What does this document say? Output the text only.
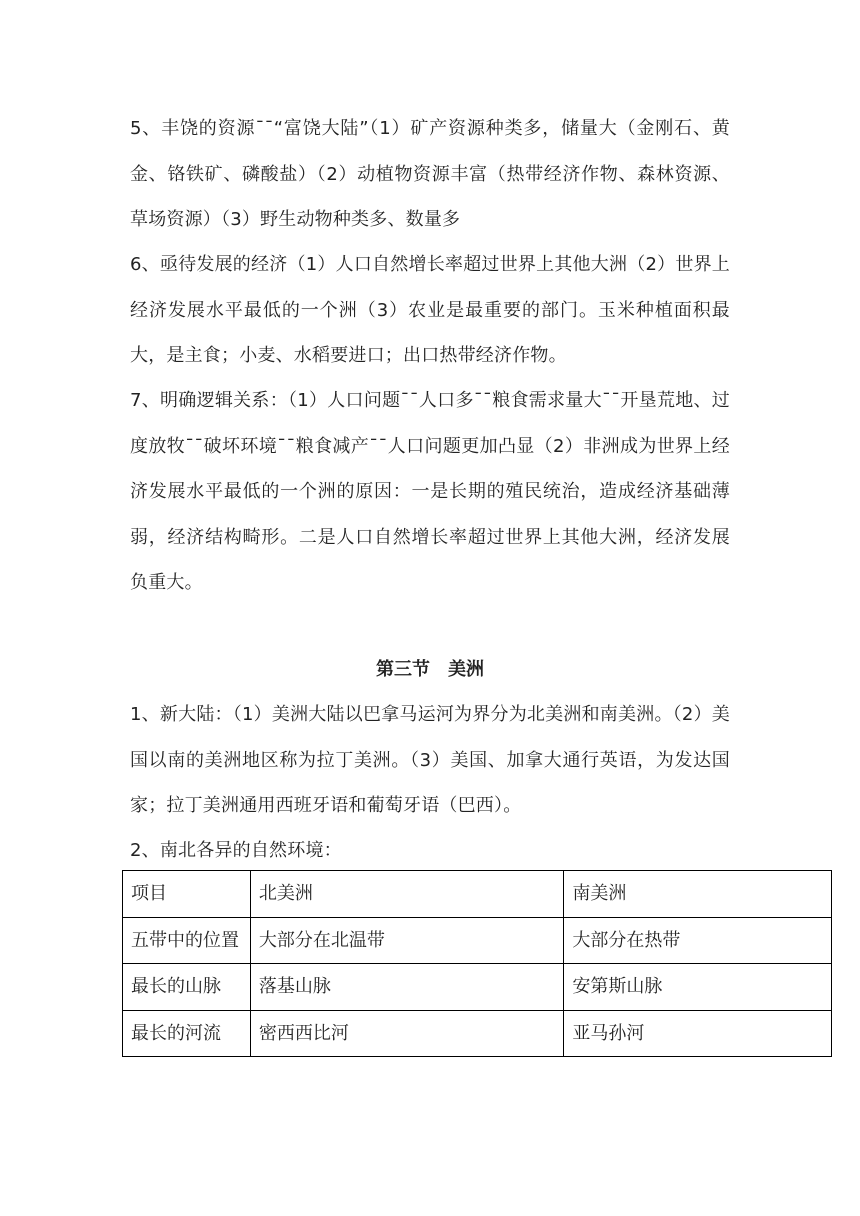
5、丰饶的资源¯¯“富饶大陆”（1）矿产资源种类多，储量大（金刚石、黄金、铬铁矿、磷酸盐）（2）动植物资源丰富（热带经济作物、森林资源、草场资源）（3）野生动物种类多、数量多

6、亟待发展的经济（1）人口自然增长率超过世界上其他大洲（2）世界上经济发展水平最低的一个洲（3）农业是最重要的部门。玉米种植面积最大，是主食；小麦、水稻要进口；出口热带经济作物。

7、明确逻辑关系：（1）人口问题¯¯人口多¯¯粮食需求量大¯¯开垦荒地、过度放牧¯¯破坏环境¯¯粮食减产¯¯人口问题更加凸显（2）非洲成为世界上经济发展水平最低的一个洲的原因：一是长期的殖民统治，造成经济基础薄弱，经济结构畸形。二是人口自然增长率超过世界上其他大洲，经济发展负重大。

第三节 美洲

1、新大陆：（1）美洲大陆以巴拿马运河为界分为北美洲和南美洲。（2）美国以南的美洲地区称为拉丁美洲。（3）美国、加拿大通行英语，为发达国家；拉丁美洲通用西班牙语和葡萄牙语（巴西）。

2、南北各异的自然环境：

项目	北美洲	南美洲
五带中的位置	大部分在北温带	大部分在热带
最长的山脉	落基山脉	安第斯山脉
最长的河流	密西西比河	亚马孙河
